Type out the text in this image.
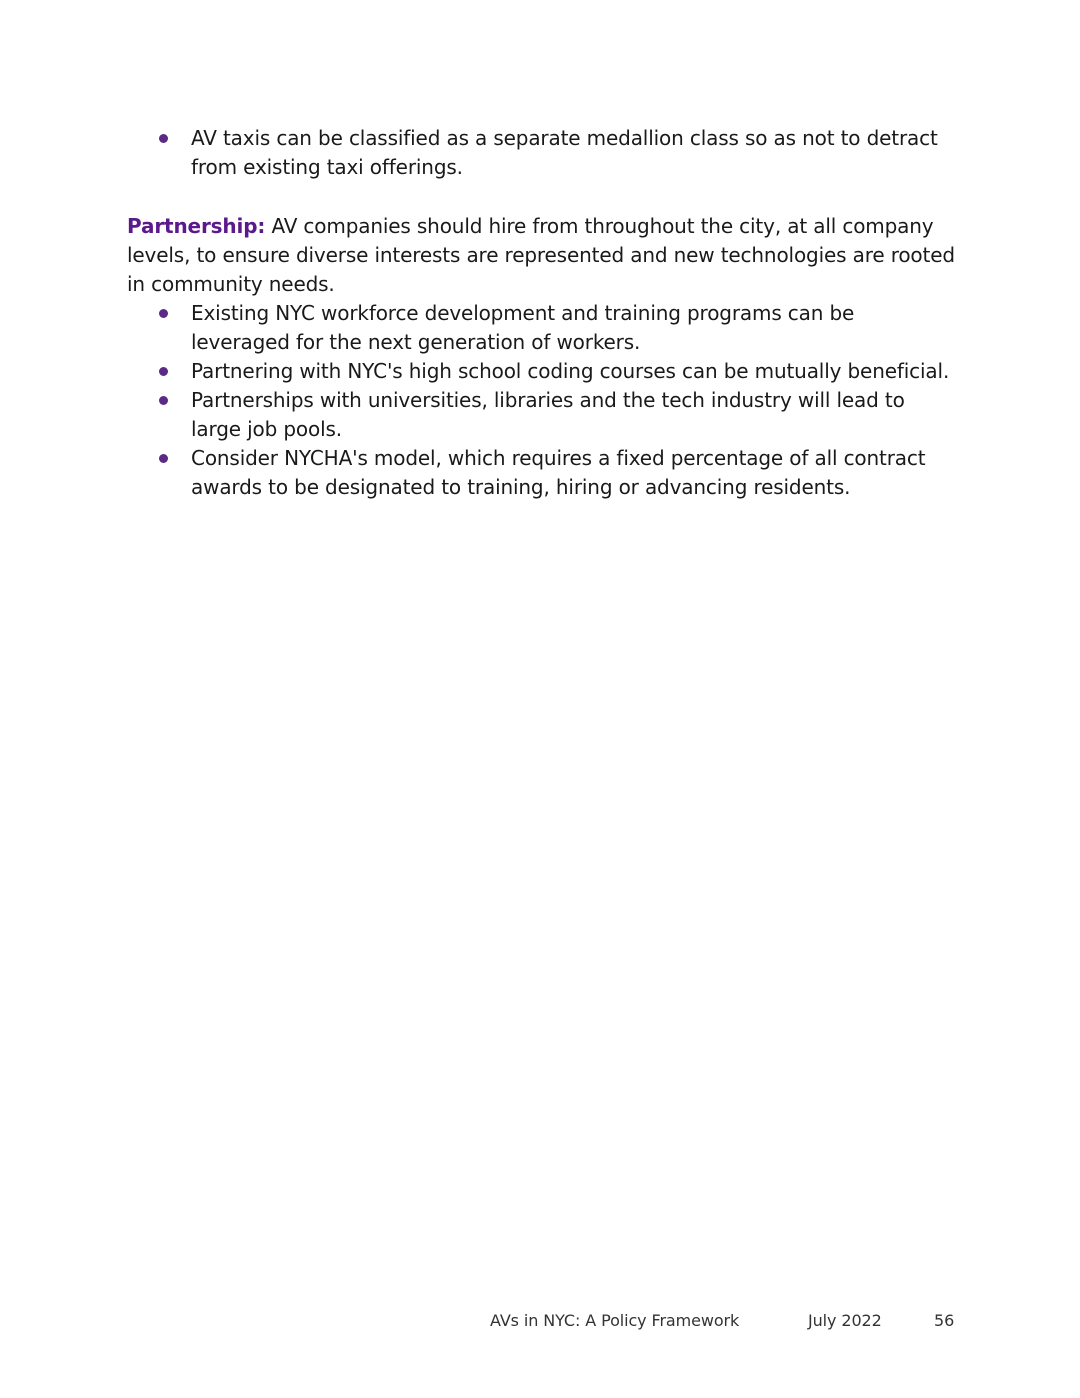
AV taxis can be classified as a separate medallion class so as not to detract from existing taxi offerings.

Partnership: AV companies should hire from throughout the city, at all company levels, to ensure diverse interests are represented and new technologies are rooted in community needs.

Existing NYC workforce development and training programs can be leveraged for the next generation of workers.
Partnering with NYC's high school coding courses can be mutually beneficial.
Partnerships with universities, libraries and the tech industry will lead to large job pools.
Consider NYCHA's model, which requires a fixed percentage of all contract awards to be designated to training, hiring or advancing residents.
AVs in NYC: A Policy Framework	July 2022	56
